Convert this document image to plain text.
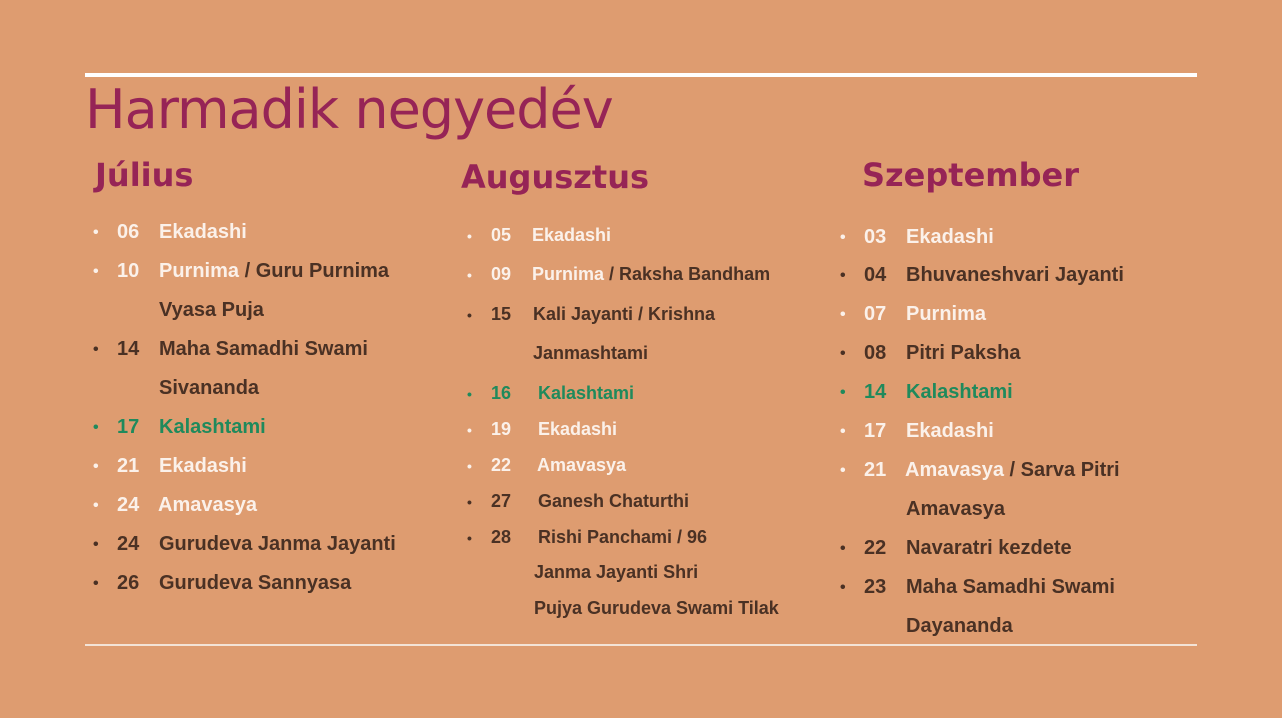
Harmadik negyedév
Július
• 06 Ekadashi
• 10 Purnima / Guru Purnima
Vyasa Puja
• 14 Maha Samadhi Swami
Sivananda
• 17 Kalashtami
• 21 Ekadashi
• 24 Amavasya
• 24 Gurudeva Janma Jayanti
• 26 Gurudeva Sannyasa
Augusztus
• 05 Ekadashi
• 09 Purnima / Raksha Bandham
• 15 Kali Jayanti / Krishna
Janmashtami
• 16 Kalashtami
• 19 Ekadashi
• 22 Amavasya
• 27 Ganesh Chaturthi
• 28 Rishi Panchami / 96
Janma Jayanti Shri
Pujya Gurudeva Swami Tilak
Szeptember
• 03 Ekadashi
• 04 Bhuvaneshvari Jayanti
• 07 Purnima
• 08 Pitri Paksha
• 14 Kalashtami
• 17 Ekadashi
• 21 Amavasya / Sarva Pitri
Amavasya
• 22 Navaratri kezdete
• 23 Maha Samadhi Swami
Dayananda
